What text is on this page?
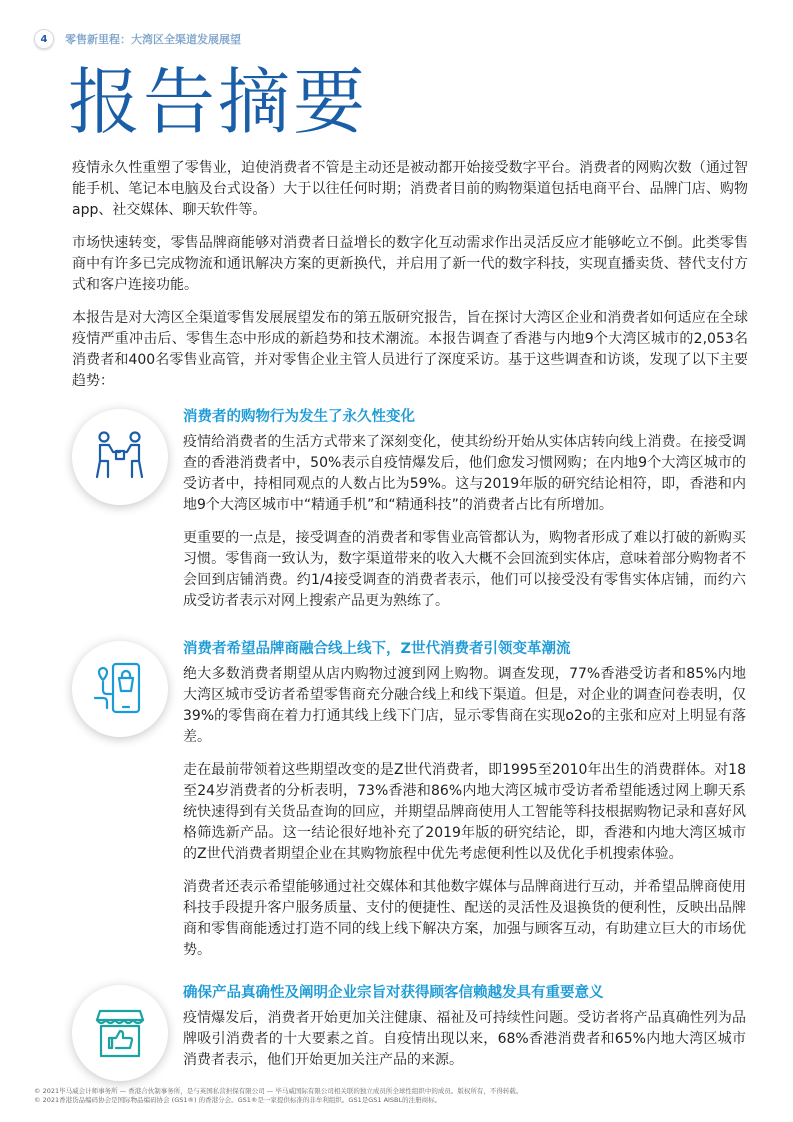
4	零售新里程：大湾区全渠道发展展望
报告摘要

疫情永久性重塑了零售业，迫使消费者不管是主动还是被动都开始接受数字平台。消费者的网购次数（通过智能手机、笔记本电脑及台式设备）大于以往任何时期；消费者目前的购物渠道包括电商平台、品牌门店、购物app、社交媒体、聊天软件等。

市场快速转变，零售品牌商能够对消费者日益增长的数字化互动需求作出灵活反应才能够屹立不倒。此类零售商中有许多已完成物流和通讯解决方案的更新换代，并启用了新一代的数字科技，实现直播卖货、替代支付方式和客户连接功能。

本报告是对大湾区全渠道零售发展展望发布的第五版研究报告，旨在探讨大湾区企业和消费者如何适应在全球疫情严重冲击后、零售生态中形成的新趋势和技术潮流。本报告调查了香港与内地9个大湾区城市的2,053名消费者和400名零售业高管，并对零售企业主管人员进行了深度采访。基于这些调查和访谈，发现了以下主要趋势：

消费者的购物行为发生了永久性变化

疫情给消费者的生活方式带来了深刻变化，使其纷纷开始从实体店转向线上消费。在接受调查的香港消费者中，50%表示自疫情爆发后，他们愈发习惯网购；在内地9个大湾区城市的受访者中，持相同观点的人数占比为59%。这与2019年版的研究结论相符，即，香港和内地9个大湾区城市中“精通手机”和“精通科技”的消费者占比有所增加。

更重要的一点是，接受调查的消费者和零售业高管都认为，购物者形成了难以打破的新购买习惯。零售商一致认为，数字渠道带来的收入大概不会回流到实体店，意味着部分购物者不会回到店铺消费。约1/4接受调查的消费者表示，他们可以接受没有零售实体店铺，而约六成受访者表示对网上搜索产品更为熟练了。

消费者希望品牌商融合线上线下，Z世代消费者引领变革潮流

绝大多数消费者期望从店内购物过渡到网上购物。调查发现，77%香港受访者和85%内地大湾区城市受访者希望零售商充分融合线上和线下渠道。但是，对企业的调查问卷表明，仅39%的零售商在着力打通其线上线下门店，显示零售商在实现o2o的主张和应对上明显有落差。

走在最前带领着这些期望改变的是Z世代消费者，即1995至2010年出生的消费群体。对18至24岁消费者的分析表明，73%香港和86%内地大湾区城市受访者希望能透过网上聊天系统快速得到有关货品查询的回应，并期望品牌商使用人工智能等科技根据购物记录和喜好风格筛选新产品。这一结论很好地补充了2019年版的研究结论，即，香港和内地大湾区城市的Z世代消费者期望企业在其购物旅程中优先考虑便利性以及优化手机搜索体验。

消费者还表示希望能够通过社交媒体和其他数字媒体与品牌商进行互动，并希望品牌商使用科技手段提升客户服务质量、支付的便捷性、配送的灵活性及退换货的便利性，反映出品牌商和零售商能透过打造不同的线上线下解决方案，加强与顾客互动，有助建立巨大的市场优势。

确保产品真确性及阐明企业宗旨对获得顾客信赖越发具有重要意义

疫情爆发后，消费者开始更加关注健康、福祉及可持续性问题。受访者将产品真确性列为品牌吸引消费者的十大要素之首。自疫情出现以来，68%香港消费者和65%内地大湾区城市消费者表示，他们开始更加关注产品的来源。

© 2021毕马威会计师事务所 — 香港合伙制事务所，是与英国私营担保有限公司 — 毕马威国际有限公司相关联的独立成员所全球性组织中的成员。版权所有，不得转载。
© 2021香港货品编码协会是国际物品编码协会 (GS1®) 的香港分会。GS1®是一家提供标准的非牟利组织。GS1是GS1 AISBL的注册商标。
